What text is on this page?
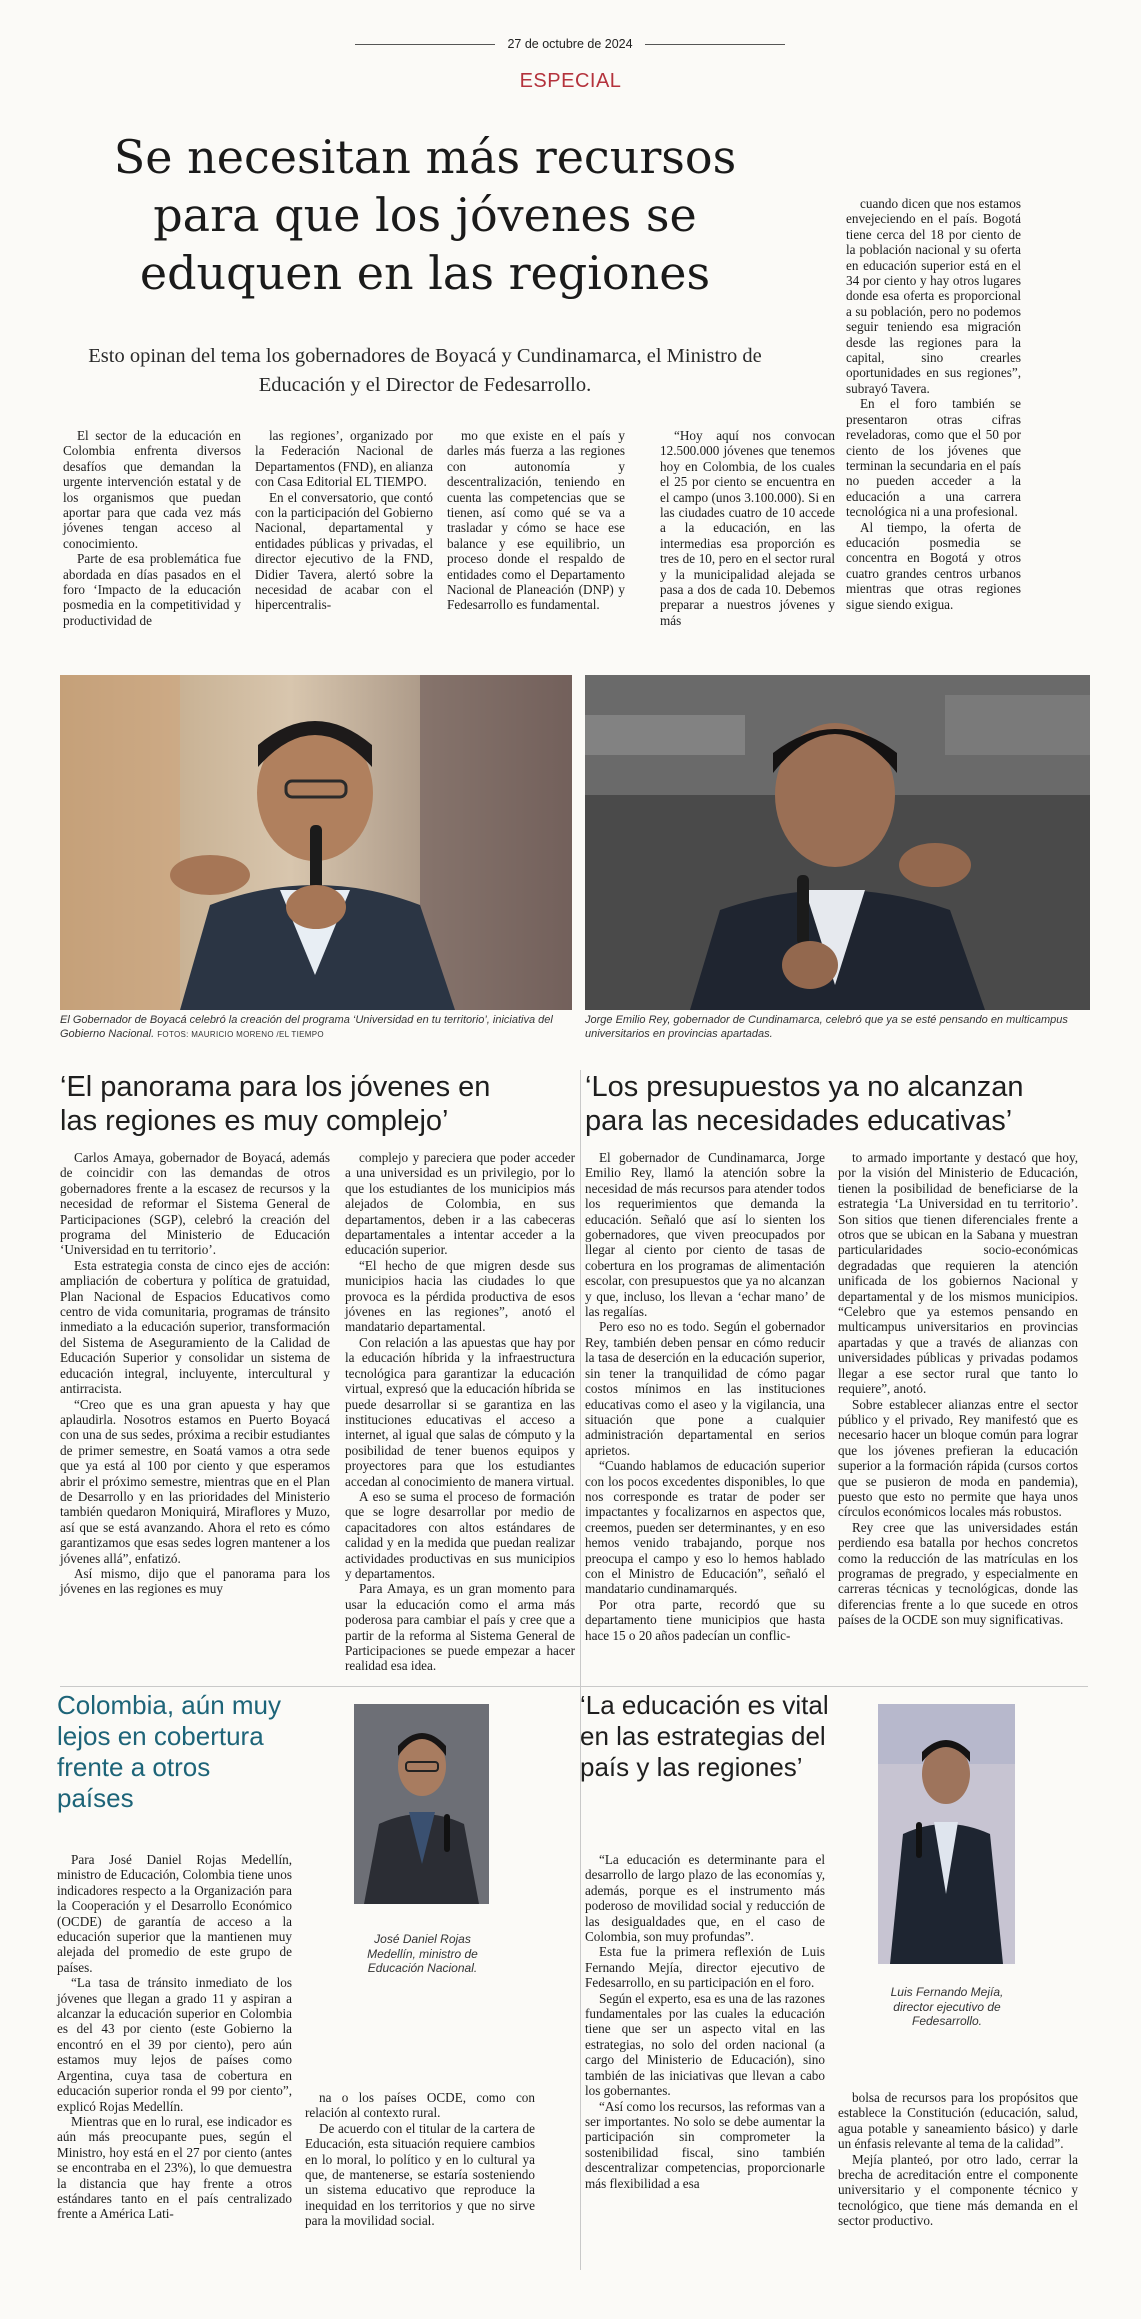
27 de octubre de 2024
ESPECIAL
Se necesitan más recursos para que los jóvenes se eduquen en las regiones
Esto opinan del tema los gobernadores de Boyacá y Cundinamarca, el Ministro de Educación y el Director de Fedesarrollo.

El sector de la educación en Colombia enfrenta diversos desafíos que demandan la urgente intervención estatal y de los organismos que puedan aportar para que cada vez más jóvenes tengan acceso al conocimiento.

Parte de esa problemática fue abordada en días pasados en el foro ‘Impacto de la educación posmedia en la competitividad y productividad de

las regiones’, organizado por la Federación Nacional de Departamentos (FND), en alianza con Casa Editorial EL TIEMPO.

En el conversatorio, que contó con la participación del Gobierno Nacional, departamental y entidades públicas y privadas, el director ejecutivo de la FND, Didier Tavera, alertó sobre la necesidad de acabar con el hipercentralis-

mo que existe en el país y darles más fuerza a las regiones con autonomía y descentralización, teniendo en cuenta las competencias que se tienen, así como qué se va a trasladar y cómo se hace ese balance y ese equilibrio, un proceso donde el respaldo de entidades como el Departamento Nacional de Planeación (DNP) y Fedesarrollo es fundamental.

“Hoy aquí nos convocan 12.500.000 jóvenes que tenemos hoy en Colombia, de los cuales el 25 por ciento se encuentra en el campo (unos 3.100.000). Si en las ciudades cuatro de 10 accede a la educación, en las intermedias esa proporción es tres de 10, pero en el sector rural y la municipalidad alejada se pasa a dos de cada 10. Debemos preparar a nuestros jóvenes y más

cuando dicen que nos estamos envejeciendo en el país. Bogotá tiene cerca del 18 por ciento de la población nacional y su oferta en educación superior está en el 34 por ciento y hay otros lugares donde esa oferta es proporcional a su población, pero no podemos seguir teniendo esa migración desde las regiones para la capital, sino crearles oportunidades en sus regiones”, subrayó Tavera.

En el foro también se presentaron otras cifras reveladoras, como que el 50 por ciento de los jóvenes que terminan la secundaria en el país no pueden acceder a la educación a una carrera tecnológica ni a una profesional.

Al tiempo, la oferta de educación posmedia se concentra en Bogotá y otros cuatro grandes centros urbanos mientras que otras regiones sigue siendo exigua.

El Gobernador de Boyacá celebró la creación del programa ‘Universidad en tu territorio’, iniciativa del Gobierno Nacional. FOTOS: MAURICIO MORENO /EL TIEMPO
Jorge Emilio Rey, gobernador de Cundinamarca, celebró que ya se esté pensando en multicampus universitarios en provincias apartadas.
‘El panorama para los jóvenes en las regiones es muy complejo’

Carlos Amaya, gobernador de Boyacá, además de coincidir con las demandas de otros gobernadores frente a la escasez de recursos y la necesidad de reformar el Sistema General de Participaciones (SGP), celebró la creación del programa del Ministerio de Educación ‘Universidad en tu territorio’.

Esta estrategia consta de cinco ejes de acción: ampliación de cobertura y política de gratuidad, Plan Nacional de Espacios Educativos como centro de vida comunitaria, programas de tránsito inmediato a la educación superior, transformación del Sistema de Aseguramiento de la Calidad de Educación Superior y consolidar un sistema de educación integral, incluyente, intercultural y antirracista.

“Creo que es una gran apuesta y hay que aplaudirla. Nosotros estamos en Puerto Boyacá con una de sus sedes, próxima a recibir estudiantes de primer semestre, en Soatá vamos a otra sede que ya está al 100 por ciento y que esperamos abrir el próximo semestre, mientras que en el Plan de Desarrollo y en las prioridades del Ministerio también quedaron Moniquirá, Miraflores y Muzo, así que se está avanzando. Ahora el reto es cómo garantizamos que esas sedes logren mantener a los jóvenes allá”, enfatizó.

Así mismo, dijo que el panorama para los jóvenes en las regiones es muy

complejo y pareciera que poder acceder a una universidad es un privilegio, por lo que los estudiantes de los municipios más alejados de Colombia, en sus departamentos, deben ir a las cabeceras departamentales a intentar acceder a la educación superior.

“El hecho de que migren desde sus municipios hacia las ciudades lo que provoca es la pérdida productiva de esos jóvenes en las regiones”, anotó el mandatario departamental.

Con relación a las apuestas que hay por la educación híbrida y la infraestructura tecnológica para garantizar la educación virtual, expresó que la educación híbrida se puede desarrollar si se garantiza en las instituciones educativas el acceso a internet, al igual que salas de cómputo y la posibilidad de tener buenos equipos y proyectores para que los estudiantes accedan al conocimiento de manera virtual.

A eso se suma el proceso de formación que se logre desarrollar por medio de capacitadores con altos estándares de calidad y en la medida que puedan realizar actividades productivas en sus municipios y departamentos.

Para Amaya, es un gran momento para usar la educación como el arma más poderosa para cambiar el país y cree que a partir de la reforma al Sistema General de Participaciones se puede empezar a hacer realidad esa idea.

‘Los presupuestos ya no alcanzan para las necesidades educativas’

El gobernador de Cundinamarca, Jorge Emilio Rey, llamó la atención sobre la necesidad de más recursos para atender todos los requerimientos que demanda la educación. Señaló que así lo sienten los gobernadores, que viven preocupados por llegar al ciento por ciento de tasas de cobertura en los programas de alimentación escolar, con presupuestos que ya no alcanzan y que, incluso, los llevan a ‘echar mano’ de las regalías.

Pero eso no es todo. Según el gobernador Rey, también deben pensar en cómo reducir la tasa de deserción en la educación superior, sin tener la tranquilidad de cómo pagar costos mínimos en las instituciones educativas como el aseo y la vigilancia, una situación que pone a cualquier administración departamental en serios aprietos.

“Cuando hablamos de educación superior con los pocos excedentes disponibles, lo que nos corresponde es tratar de poder ser impactantes y focalizarnos en aspectos que, creemos, pueden ser determinantes, y en eso hemos venido trabajando, porque nos preocupa el campo y eso lo hemos hablado con el Ministro de Educación”, señaló el mandatario cundinamarqués.

Por otra parte, recordó que su departamento tiene municipios que hasta hace 15 o 20 años padecían un conflic-

to armado importante y destacó que hoy, por la visión del Ministerio de Educación, tienen la posibilidad de beneficiarse de la estrategia ‘La Universidad en tu territorio’. Son sitios que tienen diferenciales frente a otros que se ubican en la Sabana y muestran particularidades socio-económicas degradadas que requieren la atención unificada de los gobiernos Nacional y departamental y de los mismos municipios. “Celebro que ya estemos pensando en multicampus universitarios en provincias apartadas y que a través de alianzas con universidades públicas y privadas podamos llegar a ese sector rural que tanto lo requiere”, anotó.

Sobre establecer alianzas entre el sector público y el privado, Rey manifestó que es necesario hacer un bloque común para lograr que los jóvenes prefieran la educación superior a la formación rápida (cursos cortos que se pusieron de moda en pandemia), puesto que esto no permite que haya unos círculos económicos locales más robustos.

Rey cree que las universidades están perdiendo esa batalla por hechos concretos como la reducción de las matrículas en los programas de pregrado, y especialmente en carreras técnicas y tecnológicas, donde las diferencias frente a lo que sucede en otros países de la OCDE son muy significativas.

Colombia, aún muy lejos en cobertura frente a otros países
José Daniel Rojas Medellín, ministro de Educación Nacional.

Para José Daniel Rojas Medellín, ministro de Educación, Colombia tiene unos indicadores respecto a la Organización para la Cooperación y el Desarrollo Económico (OCDE) de garantía de acceso a la educación superior que la mantienen muy alejada del promedio de este grupo de países.

“La tasa de tránsito inmediato de los jóvenes que llegan a grado 11 y aspiran a alcanzar la educación superior en Colombia es del 43 por ciento (este Gobierno la encontró en el 39 por ciento), pero aún estamos muy lejos de países como Argentina, cuya tasa de cobertura en educación superior ronda el 99 por ciento”, explicó Rojas Medellín.

Mientras que en lo rural, ese indicador es aún más preocupante pues, según el Ministro, hoy está en el 27 por ciento (antes se encontraba en el 23%), lo que demuestra la distancia que hay frente a otros estándares tanto en el país centralizado frente a América Lati-

na o los países OCDE, como con relación al contexto rural.

De acuerdo con el titular de la cartera de Educación, esta situación requiere cambios en lo moral, lo político y en lo cultural ya que, de mantenerse, se estaría sosteniendo un sistema educativo que reproduce la inequidad en los territorios y que no sirve para la movilidad social.

‘La educación es vital en las estrategias del país y las regiones’
Luis Fernando Mejía, director ejecutivo de Fedesarrollo.

“La educación es determinante para el desarrollo de largo plazo de las economías y, además, porque es el instrumento más poderoso de movilidad social y reducción de las desigualdades que, en el caso de Colombia, son muy profundas”.

Esta fue la primera reflexión de Luis Fernando Mejía, director ejecutivo de Fedesarrollo, en su participación en el foro.

Según el experto, esa es una de las razones fundamentales por las cuales la educación tiene que ser un aspecto vital en las estrategias, no solo del orden nacional (a cargo del Ministerio de Educación), sino también de las iniciativas que llevan a cabo los gobernantes.

“Así como los recursos, las reformas van a ser importantes. No solo se debe aumentar la participación sin comprometer la sostenibilidad fiscal, sino también descentralizar competencias, proporcionarle más flexibilidad a esa

bolsa de recursos para los propósitos que establece la Constitución (educación, salud, agua potable y saneamiento básico) y darle un énfasis relevante al tema de la calidad”.

Mejía planteó, por otro lado, cerrar la brecha de acreditación entre el componente universitario y el componente técnico y tecnológico, que tiene más demanda en el sector productivo.
